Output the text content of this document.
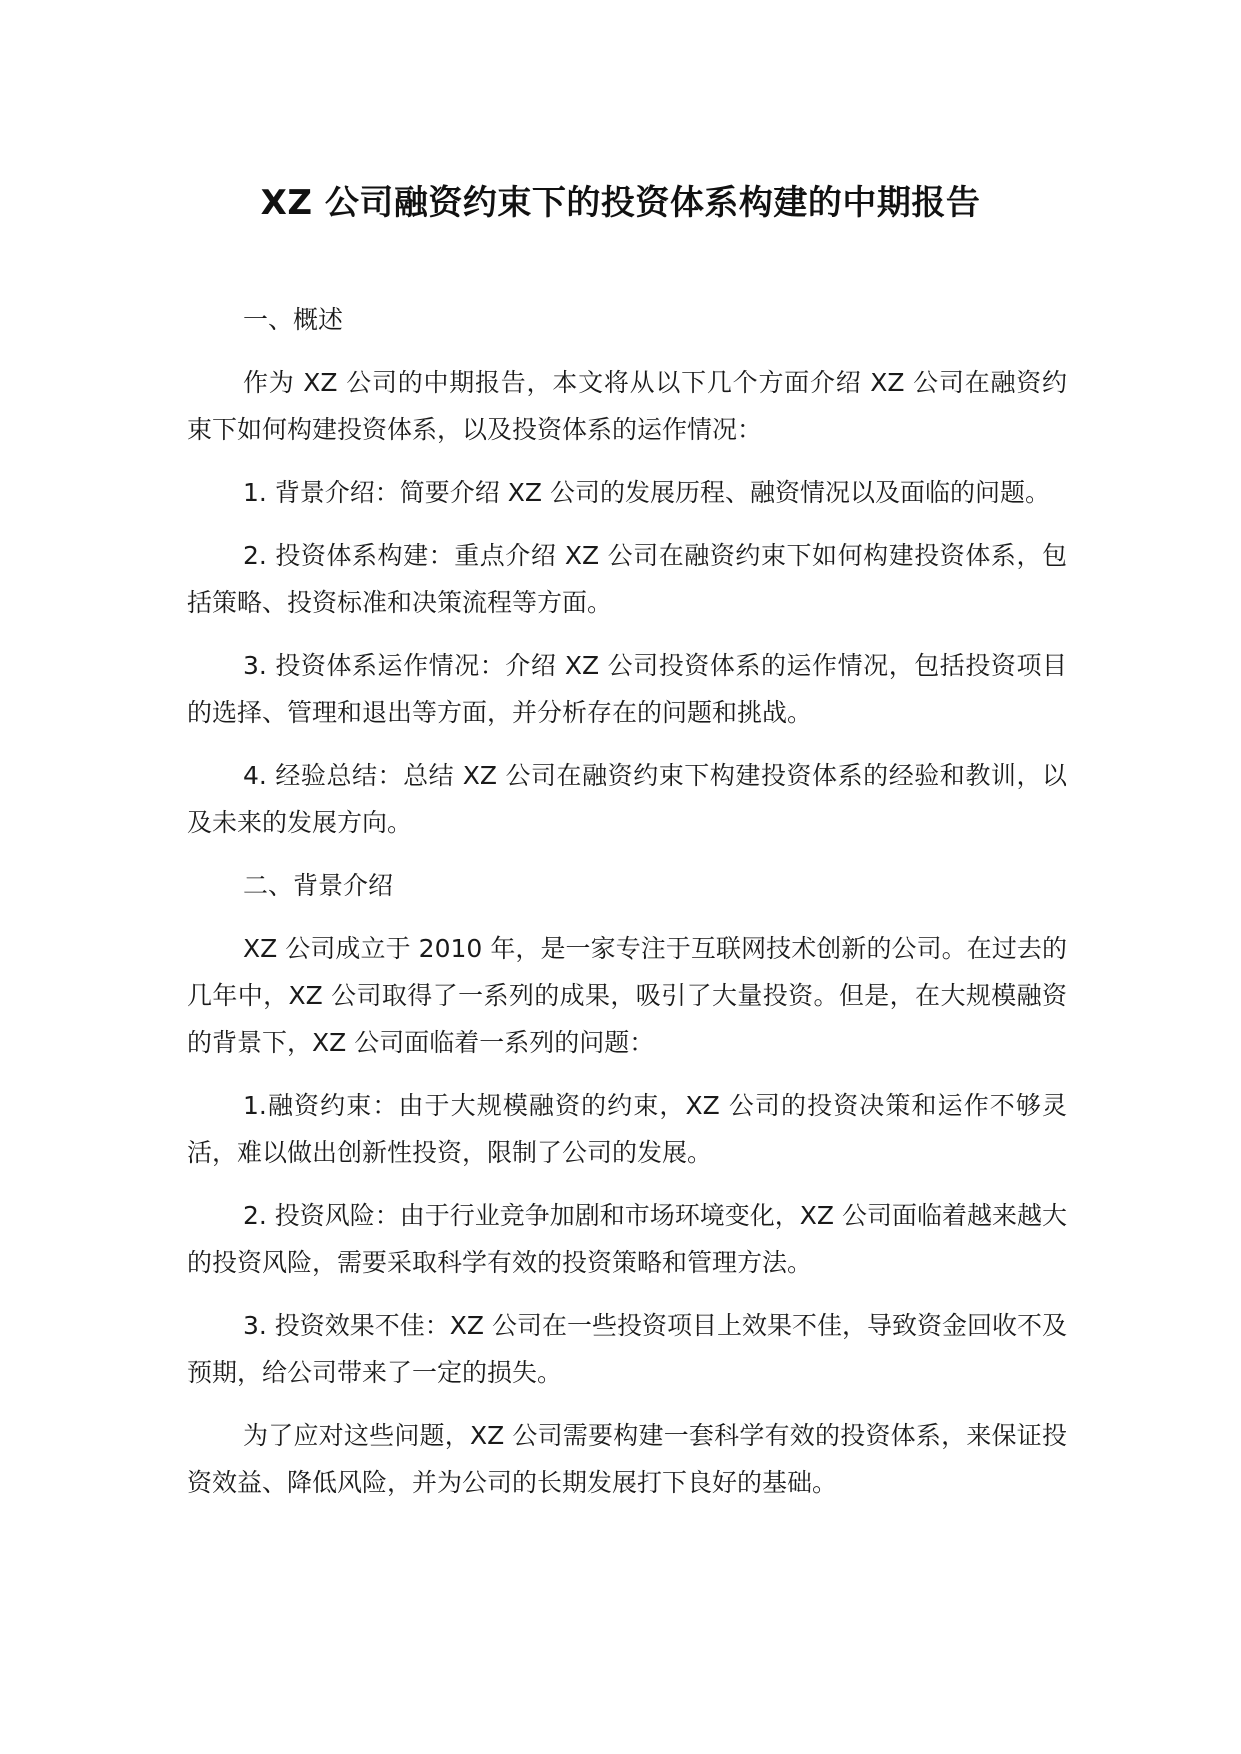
XZ 公司融资约束下的投资体系构建的中期报告

一、概述

作为 XZ 公司的中期报告，本文将从以下几个方面介绍 XZ 公司在融资约束下如何构建投资体系，以及投资体系的运作情况：

1. 背景介绍：简要介绍 XZ 公司的发展历程、融资情况以及面临的问题。

2. 投资体系构建：重点介绍 XZ 公司在融资约束下如何构建投资体系，包括策略、投资标准和决策流程等方面。

3. 投资体系运作情况：介绍 XZ 公司投资体系的运作情况，包括投资项目的选择、管理和退出等方面，并分析存在的问题和挑战。

4. 经验总结：总结 XZ 公司在融资约束下构建投资体系的经验和教训，以及未来的发展方向。

二、背景介绍

XZ 公司成立于 2010 年，是一家专注于互联网技术创新的公司。在过去的几年中，XZ 公司取得了一系列的成果，吸引了大量投资。但是，在大规模融资的背景下，XZ 公司面临着一系列的问题：

1.融资约束：由于大规模融资的约束，XZ 公司的投资决策和运作不够灵活，难以做出创新性投资，限制了公司的发展。

2. 投资风险：由于行业竞争加剧和市场环境变化，XZ 公司面临着越来越大的投资风险，需要采取科学有效的投资策略和管理方法。

3. 投资效果不佳：XZ 公司在一些投资项目上效果不佳，导致资金回收不及预期，给公司带来了一定的损失。

为了应对这些问题，XZ 公司需要构建一套科学有效的投资体系，来保证投资效益、降低风险，并为公司的长期发展打下良好的基础。
